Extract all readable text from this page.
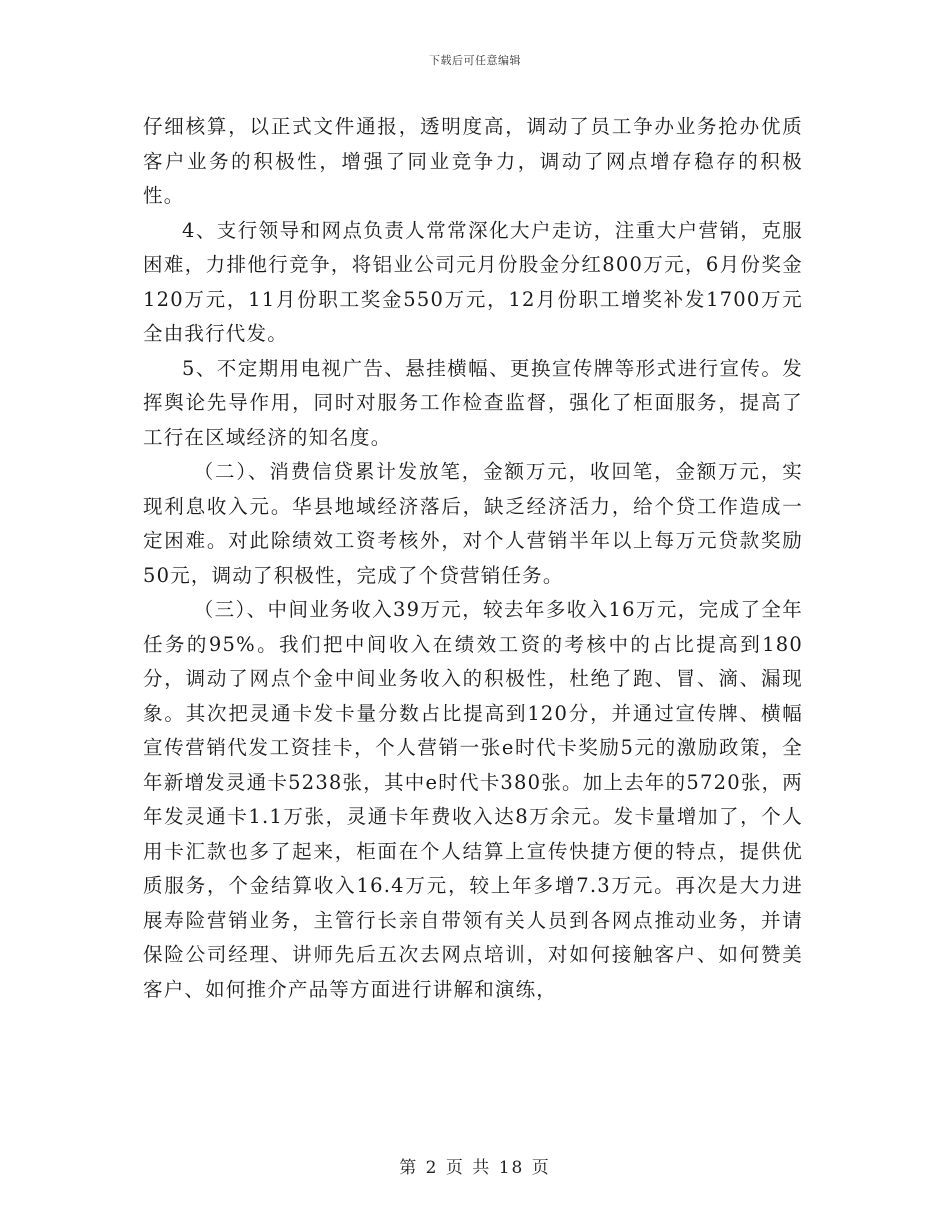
下载后可任意编辑

仔细核算，以正式文件通报，透明度高，调动了员工争办业务抢办优质客户业务的积极性，增强了同业竞争力，调动了网点增存稳存的积极性。

4、支行领导和网点负责人常常深化大户走访，注重大户营销，克服困难，力排他行竞争，将铝业公司元月份股金分红800万元，6月份奖金120万元，11月份职工奖金550万元，12月份职工增奖补发1700万元全由我行代发。

5、不定期用电视广告、悬挂横幅、更换宣传牌等形式进行宣传。发挥舆论先导作用，同时对服务工作检查监督，强化了柜面服务，提高了工行在区域经济的知名度。

（二）、消费信贷累计发放笔，金额万元，收回笔，金额万元，实现利息收入元。华县地域经济落后，缺乏经济活力，给个贷工作造成一定困难。对此除绩效工资考核外，对个人营销半年以上每万元贷款奖励50元，调动了积极性，完成了个贷营销任务。

（三）、中间业务收入39万元，较去年多收入16万元，完成了全年任务的95%。我们把中间收入在绩效工资的考核中的占比提高到180分，调动了网点个金中间业务收入的积极性，杜绝了跑、冒、滴、漏现象。其次把灵通卡发卡量分数占比提高到120分，并通过宣传牌、横幅宣传营销代发工资挂卡，个人营销一张e时代卡奖励5元的激励政策，全年新增发灵通卡5238张，其中e时代卡380张。加上去年的5720张，两年发灵通卡1.1万张，灵通卡年费收入达8万余元。发卡量增加了，个人用卡汇款也多了起来，柜面在个人结算上宣传快捷方便的特点，提供优质服务，个金结算收入16.4万元，较上年多增7.3万元。再次是大力进展寿险营销业务，主管行长亲自带领有关人员到各网点推动业务，并请保险公司经理、讲师先后五次去网点培训，对如何接触客户、如何赞美客户、如何推介产品等方面进行讲解和演练，

第 2 页 共 18 页
